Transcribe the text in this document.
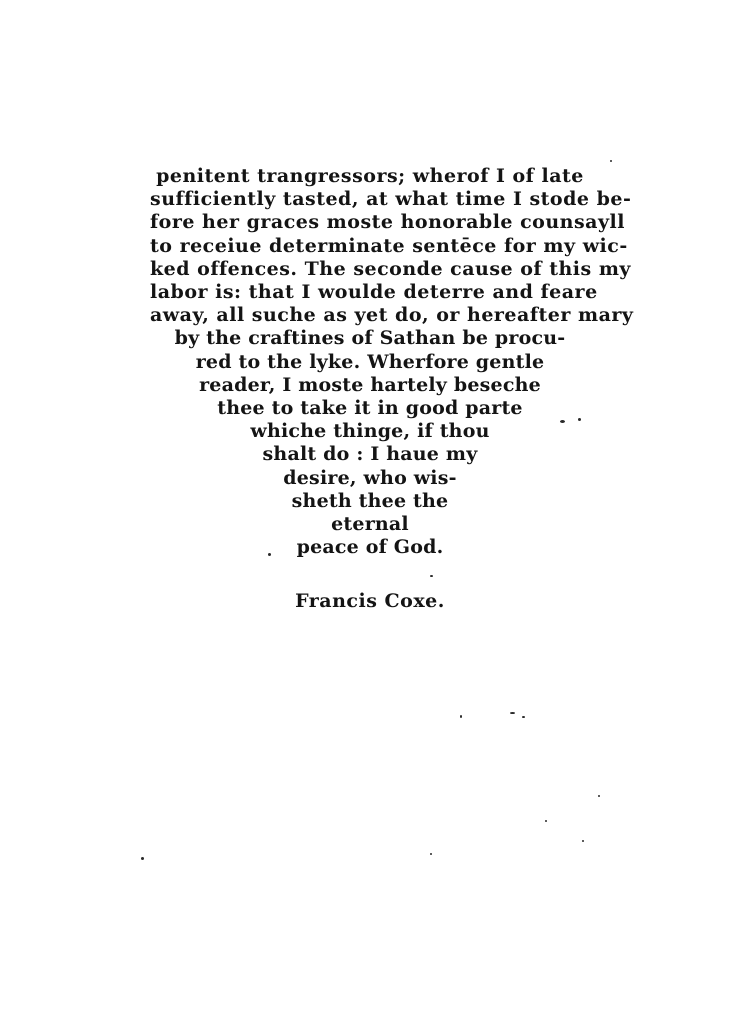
penitent trangressors; wherof I of late
sufficiently tasted, at what time I stode be-
fore her graces moste honorable counsayll
to receiue determinate sentēce for my wic-
ked offences. The seconde cause of this my
labor is: that I woulde deterre and feare
away, all suche as yet do, or hereafter mary
by the craftines of Sathan be procu-
red to the lyke. Wherfore gentle
reader, I moste hartely beseche
thee to take it in good parte
whiche thinge, if thou
shalt do : I haue my
desire, who wis-
sheth thee the
eternal
peace of God.
Francis Coxe.
